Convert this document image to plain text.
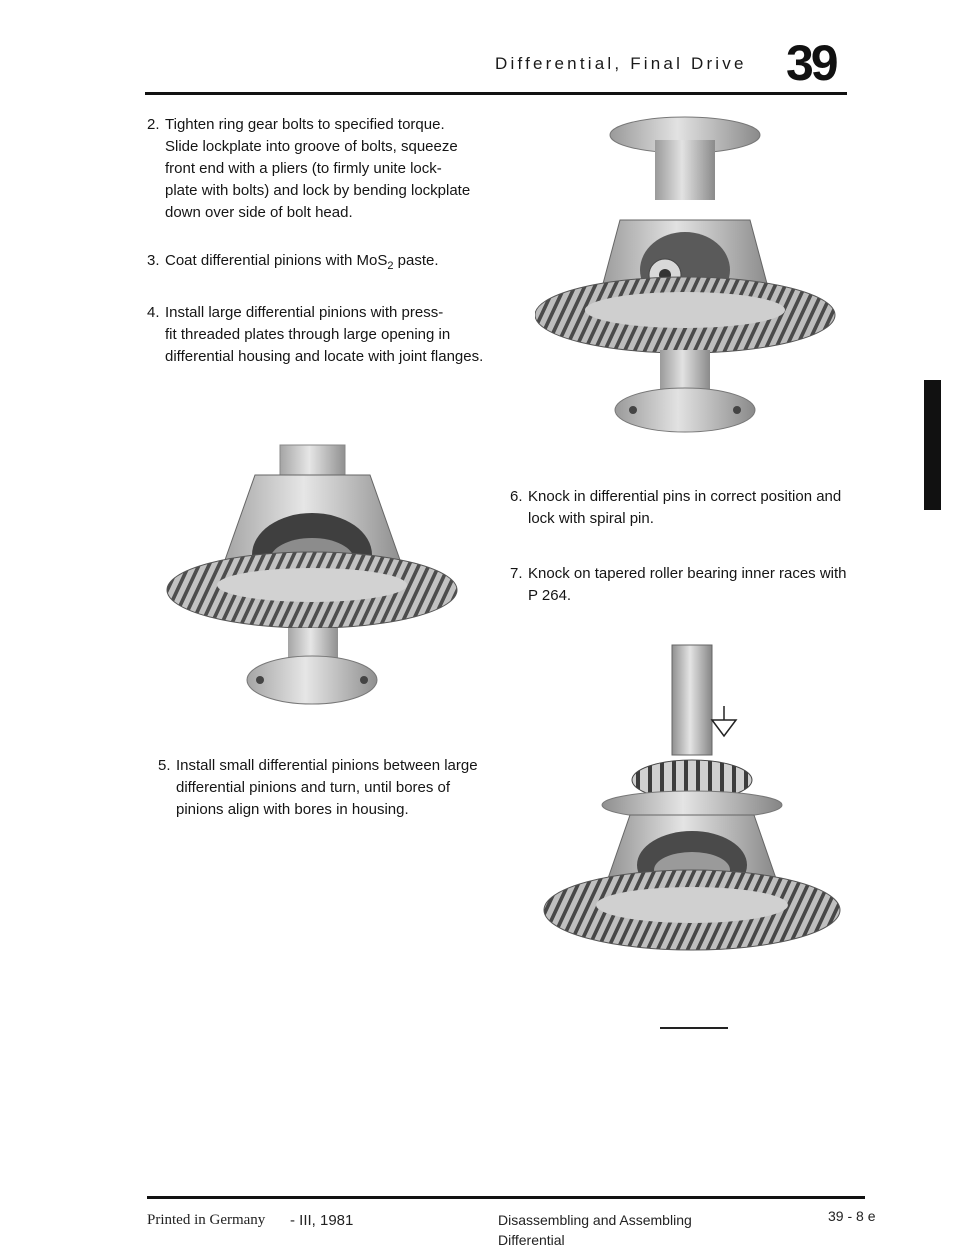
Differential, Final Drive 39
2. Tighten ring gear bolts to specified torque.
Slide lockplate into groove of bolts, squeeze
front end with a pliers (to firmly unite lock-
plate with bolts) and lock by bending lockplate
down over side of bolt head.
3. Coat differential pinions with MoS$_2$ paste.
4. Install large differential pinions with press-
fit threaded plates through large opening in
differential housing and locate with joint flanges.
5. Install small differential pinions between large
differential pinions and turn, until bores of
pinions align with bores in housing.
6. Knock in differential pins in correct position and
lock with spiral pin.
7. Knock on tapered roller bearing inner races with
P 264.
Printed in Germany - III, 1981	Disassembling and Assembling
Differential
39 - 8 e
